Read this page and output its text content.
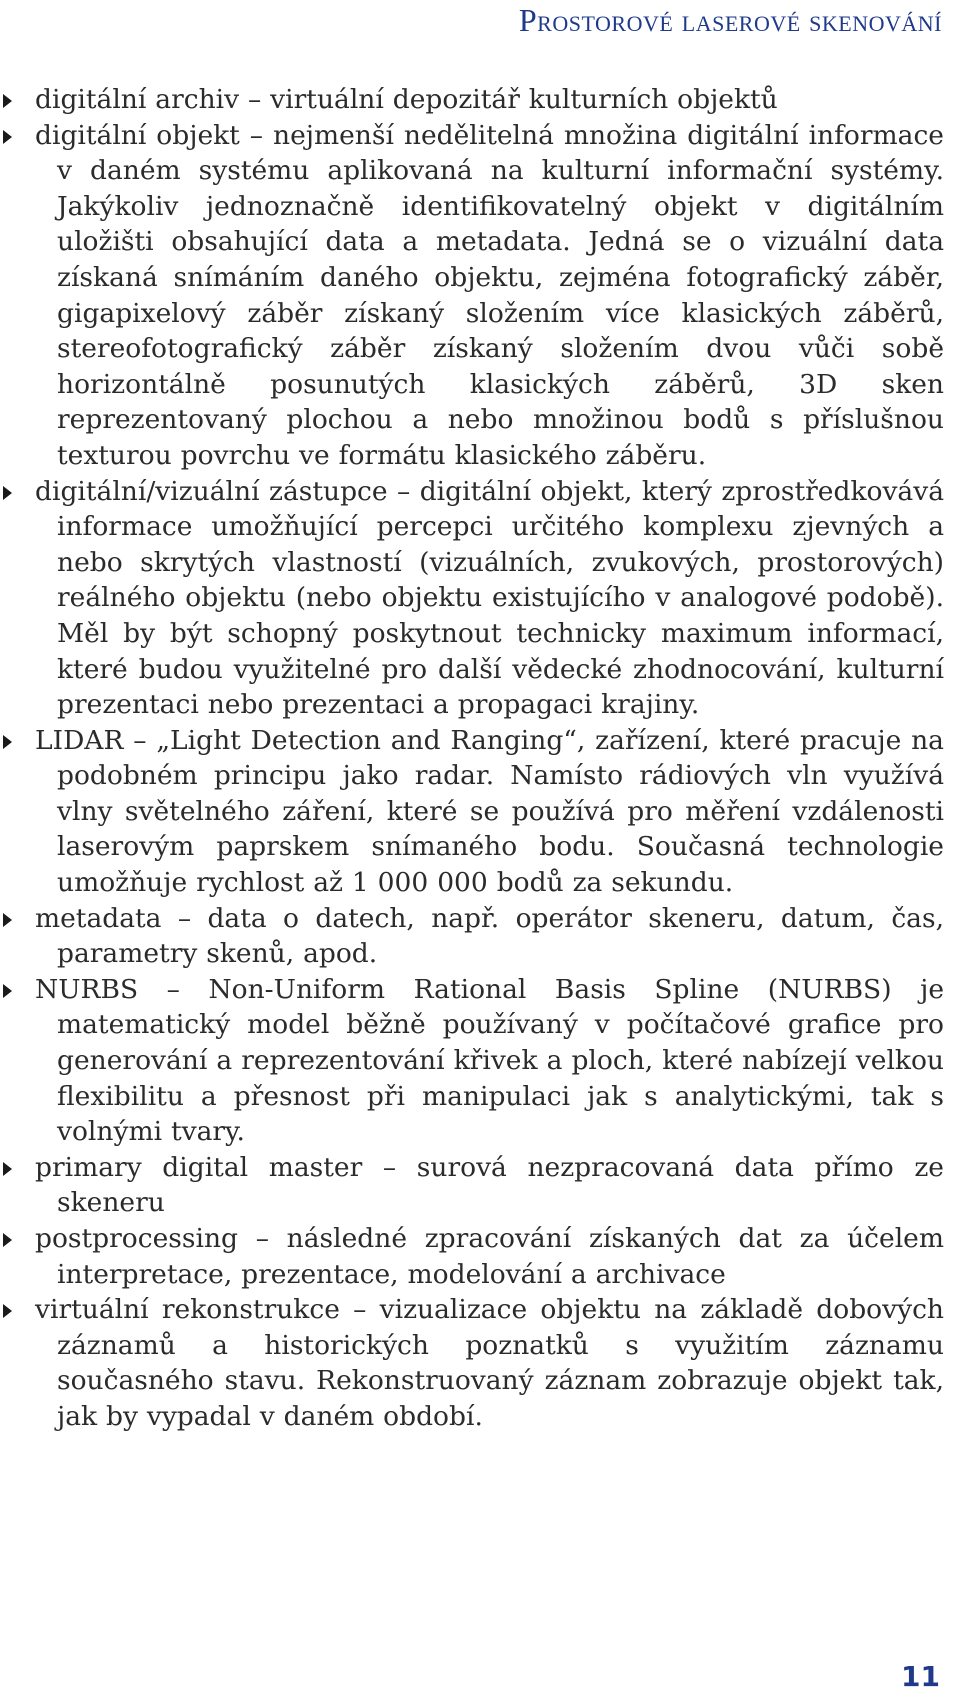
Prostorové laserové skenování
digitální archiv – virtuální depozitář kulturních objektů
digitální objekt – nejmenší nedělitelná množina digitální informace v daném systému aplikovaná na kulturní informační systémy. Jakýkoliv jednoznačně identifikovatelný objekt v digitálním uložišti obsahující data a metadata. Jedná se o vizuální data získaná snímáním daného objektu, zejména fotografický záběr, gigapixelový záběr získaný složením více klasických záběrů, stereofotografický záběr získaný složením dvou vůči sobě horizontálně posunutých klasických záběrů, 3D sken reprezentovaný plochou a nebo množinou bodů s příslušnou texturou povrchu ve formátu klasického záběru.
digitální/vizuální zástupce – digitální objekt, který zprostředkovává informace umožňující percepci určitého komplexu zjevných a nebo skrytých vlastností (vizuálních, zvukových, prostorových) reálného objektu (nebo objektu existujícího v analogové podobě). Měl by být schopný poskytnout technicky maximum informací, které budou využitelné pro další vědecké zhodnocování, kulturní prezentaci nebo prezentaci a propagaci krajiny.
LIDAR – „Light Detection and Ranging“, zařízení, které pracuje na podobném principu jako radar. Namísto rádiových vln využívá vlny světelného záření, které se používá pro měření vzdálenosti laserovým paprskem snímaného bodu. Současná technologie umožňuje rychlost až 1 000 000 bodů za sekundu.
metadata – data o datech, např. operátor skeneru, datum, čas, parametry skenů, apod.
NURBS – Non-Uniform Rational Basis Spline (NURBS) je matematický model běžně používaný v počítačové grafice pro generování a reprezentování křivek a ploch, které nabízejí velkou flexibilitu a přesnost při manipulaci jak s analytickými, tak s volnými tvary.
primary digital master – surová nezpracovaná data přímo ze skeneru
postprocessing – následné zpracování získaných dat za účelem interpretace, prezentace, modelování a archivace
virtuální rekonstrukce – vizualizace objektu na základě dobových záznamů a historických poznatků s využitím záznamu současného stavu. Rekonstruovaný záznam zobrazuje objekt tak, jak by vypadal v daném období.
11
